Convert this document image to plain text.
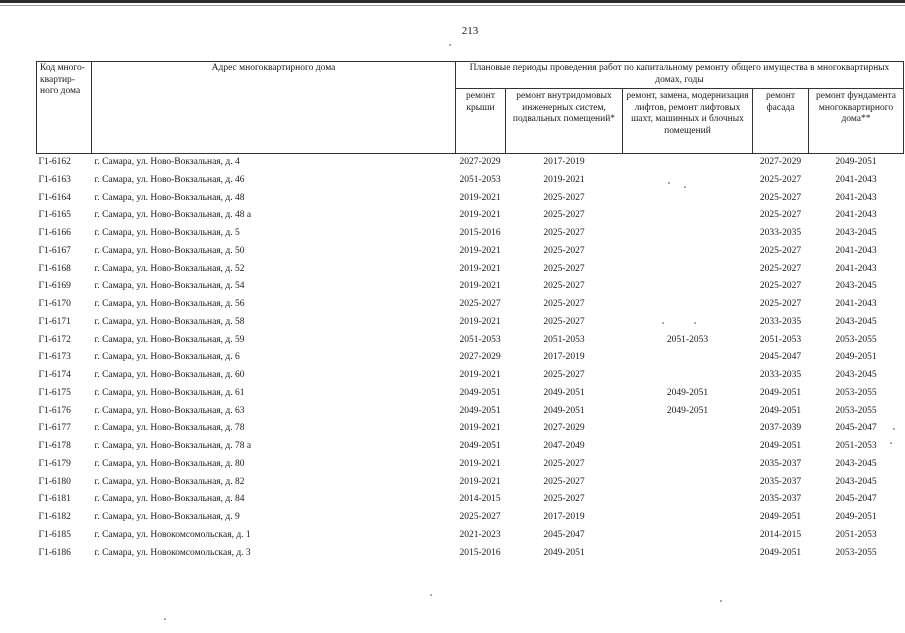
213
Код много-квартир-ного дома	Адрес многоквартирного дома	Плановые периоды проведения работ по капитальному ремонту общего имущества в многоквартирных домах, годы				
		ремонт крыши	ремонт внутридомовых инженерных систем, подвальных помещений*	ремонт, замена, модернизация лифтов, ремонт лифтовых шахт, машинных и блочных помещений	ремонт фасада	ремонт фундамента многоквартирного дома**
Г1-6162	г. Самара, ул. Ново-Вокзальная, д. 4	2027-2029	2017-2019		2027-2029	2049-2051
Г1-6163	г. Самара, ул. Ново-Вокзальная, д. 46	2051-2053	2019-2021		2025-2027	2041-2043
Г1-6164	г. Самара, ул. Ново-Вокзальная, д. 48	2019-2021	2025-2027		2025-2027	2041-2043
Г1-6165	г. Самара, ул. Ново-Вокзальная, д. 48 а	2019-2021	2025-2027		2025-2027	2041-2043
Г1-6166	г. Самара, ул. Ново-Вокзальная, д. 5	2015-2016	2025-2027		2033-2035	2043-2045
Г1-6167	г. Самара, ул. Ново-Вокзальная, д. 50	2019-2021	2025-2027		2025-2027	2041-2043
Г1-6168	г. Самара, ул. Ново-Вокзальная, д. 52	2019-2021	2025-2027		2025-2027	2041-2043
Г1-6169	г. Самара, ул. Ново-Вокзальная, д. 54	2019-2021	2025-2027		2025-2027	2043-2045
Г1-6170	г. Самара, ул. Ново-Вокзальная, д. 56	2025-2027	2025-2027		2025-2027	2041-2043
Г1-6171	г. Самара, ул. Ново-Вокзальная, д. 58	2019-2021	2025-2027		2033-2035	2043-2045
Г1-6172	г. Самара, ул. Ново-Вокзальная, д. 59	2051-2053	2051-2053	2051-2053	2051-2053	2053-2055
Г1-6173	г. Самара, ул. Ново-Вокзальная, д. 6	2027-2029	2017-2019		2045-2047	2049-2051
Г1-6174	г. Самара, ул. Ново-Вокзальная, д. 60	2019-2021	2025-2027		2033-2035	2043-2045
Г1-6175	г. Самара, ул. Ново-Вокзальная, д. 61	2049-2051	2049-2051	2049-2051	2049-2051	2053-2055
Г1-6176	г. Самара, ул. Ново-Вокзальная, д. 63	2049-2051	2049-2051	2049-2051	2049-2051	2053-2055
Г1-6177	г. Самара, ул. Ново-Вокзальная, д. 78	2019-2021	2027-2029		2037-2039	2045-2047
Г1-6178	г. Самара, ул. Ново-Вокзальная, д. 78 а	2049-2051	2047-2049		2049-2051	2051-2053
Г1-6179	г. Самара, ул. Ново-Вокзальная, д. 80	2019-2021	2025-2027		2035-2037	2043-2045
Г1-6180	г. Самара, ул. Ново-Вокзальная, д. 82	2019-2021	2025-2027		2035-2037	2043-2045
Г1-6181	г. Самара, ул. Ново-Вокзальная, д. 84	2014-2015	2025-2027		2035-2037	2045-2047
Г1-6182	г. Самара, ул. Ново-Вокзальная, д. 9	2025-2027	2017-2019		2049-2051	2049-2051
Г1-6185	г. Самара, ул. Новокомсомольская, д. 1	2021-2023	2045-2047		2014-2015	2051-2053
Г1-6186	г. Самара, ул. Новокомсомольская, д. 3	2015-2016	2049-2051		2049-2051	2053-2055
